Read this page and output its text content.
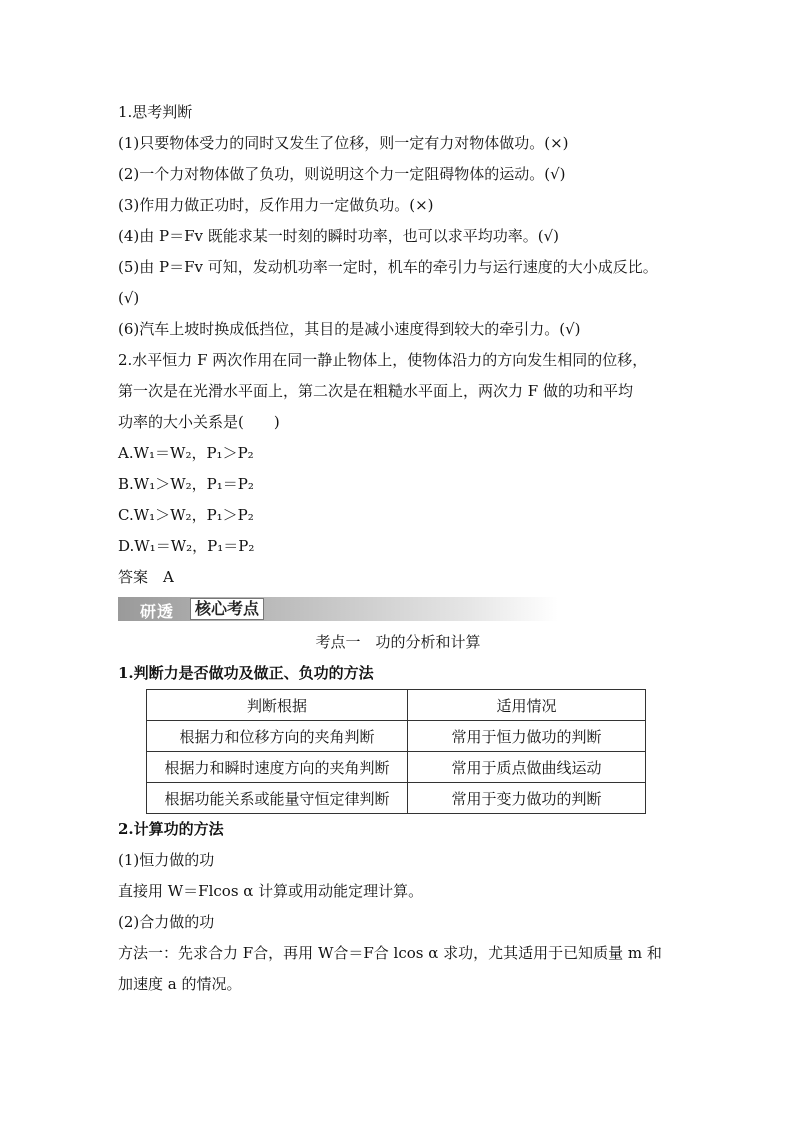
1.思考判断
(1)只要物体受力的同时又发生了位移，则一定有力对物体做功。(×)
(2)一个力对物体做了负功，则说明这个力一定阻碍物体的运动。(√)
(3)作用力做正功时，反作用力一定做负功。(×)
(4)由 P＝Fv 既能求某一时刻的瞬时功率，也可以求平均功率。(√)
(5)由 P＝Fv 可知，发动机功率一定时，机车的牵引力与运行速度的大小成反比。
(√)
(6)汽车上坡时换成低挡位，其目的是减小速度得到较大的牵引力。(√)
2.水平恒力 F 两次作用在同一静止物体上，使物体沿力的方向发生相同的位移，
第一次是在光滑水平面上，第二次是在粗糙水平面上，两次力 F 做的功和平均
功率的大小关系是(　　)
A.W₁＝W₂，P₁＞P₂
B.W₁＞W₂，P₁＝P₂
C.W₁＞W₂，P₁＞P₂
D.W₁＝W₂，P₁＝P₂
答案　A
研透	核心考点
考点一　功的分析和计算
1.判断力是否做功及做正、负功的方法
判断根据	适用情况
根据力和位移方向的夹角判断	常用于恒力做功的判断
根据力和瞬时速度方向的夹角判断	常用于质点做曲线运动
根据功能关系或能量守恒定律判断	常用于变力做功的判断
2.计算功的方法
(1)恒力做的功
直接用 W＝Flcos α 计算或用动能定理计算。
(2)合力做的功
方法一：先求合力 F合，再用 W合＝F合 lcos α 求功，尤其适用于已知质量 m 和
加速度 a 的情况。
